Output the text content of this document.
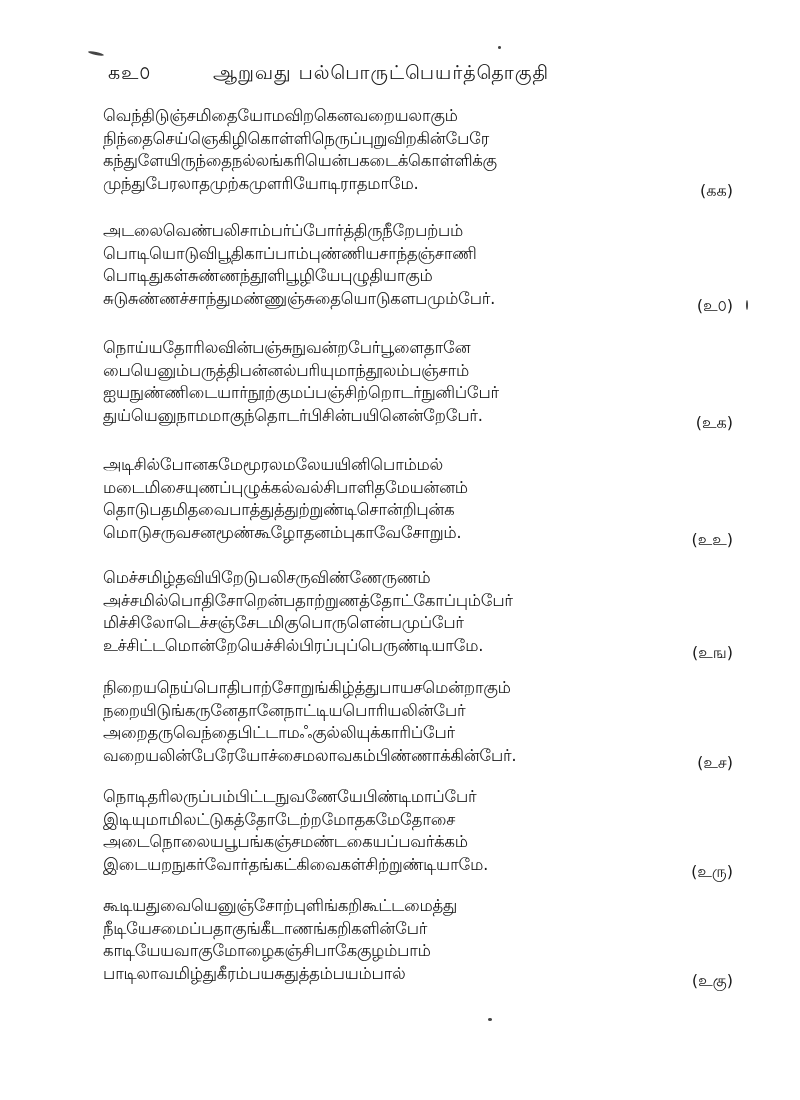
கஉ௦	ஆறுவது பல்பொருட்பெயர்த்தொகுதி
வெந்திடுஞ்சமிதையோமவிறகெனவறையலாகும்
நிந்தைசெய்ஞெகிழிகொள்ளிநெருப்புறுவிறகின்பேரே
கந்துளேயிருந்தைநல்லங்கரியென்பகடைக்கொள்ளிக்கு
முந்துபேரலாதமுற்கமுளரியோடிராதமாமே.	(கக)
அடலைவெண்பலிசாம்பர்ப்போர்த்திருநீறேபற்பம்
பொடியொடுவிபூதிகாப்பாம்புண்ணியசாந்தஞ்சாணி
பொடிதுகள்சுண்ணந்தூளிபூழியேபுழுதியாகும்
சுடுசுண்ணச்சாந்துமண்ணுஞ்சுதையொடுகளபமும்பேர்.	(உ௦)
நொய்யதோரிலவின்பஞ்சுநுவன்றபேர்பூளைதானே
பையெனும்பருத்திபன்னல்பரியுமாந்தூலம்பஞ்சாம்
ஐயநுண்ணிடையார்நூற்குமப்பஞ்சிற்றொடர்நுனிப்பேர்
துய்யெனுநாமமாகுந்தொடர்பிசின்பயினென்றேபேர்.	(உக)
அடிசில்போனகமேமூரலமலேயயினிபொம்மல்
மடைமிசையுணப்புழுக்கல்வல்சிபாளிதமேயன்னம்
தொடுபதமிதவைபாத்துத்துற்றுண்டிசொன்றிபுன்க
மொடுசருவசனமூண்கூழோதனம்புகாவேசோறும்.	(உஉ)
மெச்சமிழ்தவியிறேடுபலிசருவிண்ணேருணம்
அச்சமில்பொதிசோறென்பதாற்றுணத்தோட்கோப்பும்பேர்
மிச்சிலோடெச்சஞ்சேடமிகுபொருளென்பமுப்பேர்
உச்சிட்டமொன்றேயெச்சில்பிரப்புப்பெருண்டியாமே.	(உங)
நிறையநெய்பொதிபாற்சோறுங்கிழ்த்துபாயசமென்றாகும்
நறையிடுங்கருனேதானேநாட்டியபொரியலின்பேர்
அறைதருவெந்தைபிட்டாமஃகுல்லியுக்காரிப்பேர்
வறையலின்பேரேயோச்சைமலாவகம்பிண்ணாக்கின்பேர்.	(உச)
நொடிதரிலருப்பம்பிட்டநுவணேயேபிண்டிமாப்பேர்
இடியுமாமிலட்டுகத்தோடேற்றமோதகமேதோசை
அடைநொலையபூபங்கஞ்சமண்டகையப்பவர்க்கம்
இடையறநுகர்வோர்தங்கட்கிவைகள்சிற்றுண்டியாமே.	(உரு)
கூடியதுவையெனுஞ்சோற்புளிங்கறிகூட்டமைத்து
நீடியேசமைப்பதாகுங்கீடாணங்கறிகளின்பேர்
காடியேயவாகுமோழைகஞ்சிபாகேகுழம்பாம்
பாடிலாவமிழ்துகீரம்பயசுதுத்தம்பயம்பால்	(உகு)
